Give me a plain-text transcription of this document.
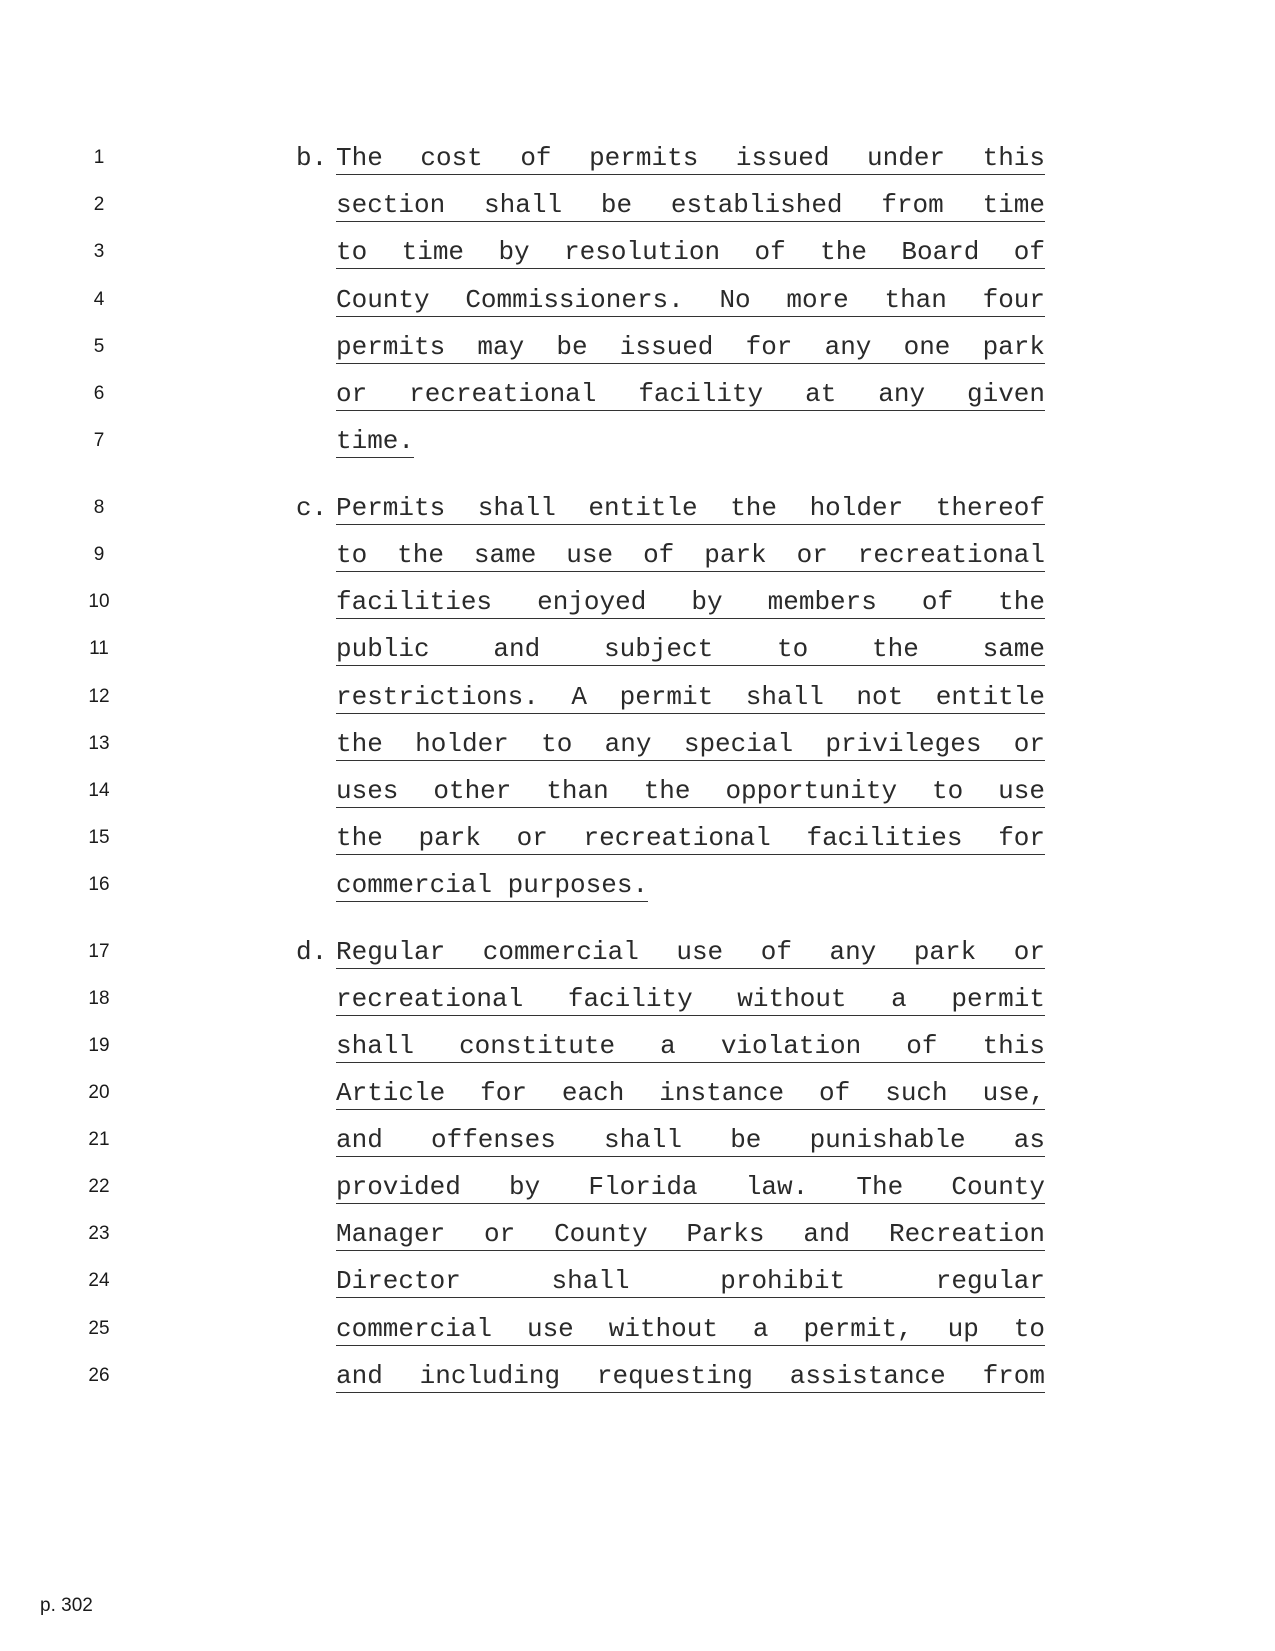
1
2
3
4
5
6
7
8
9
10
11
12
13
14
15
16
17
18
19
20
21
22
23
24
25
26
b. The cost of permits issued under this
section shall be established from time
to time by resolution of the Board of
County Commissioners. No more than four
permits may be issued for any one park
or recreational facility at any given
time.
c. Permits shall entitle the holder thereof
to the same use of park or recreational
facilities enjoyed by members of the
public and subject to the same
restrictions. A permit shall not entitle
the holder to any special privileges or
uses other than the opportunity to use
the park or recreational facilities for
commercial purposes.
d. Regular commercial use of any park or
recreational facility without a permit
shall constitute a violation of this
Article for each instance of such use,
and offenses shall be punishable as
provided by Florida law. The County
Manager or County Parks and Recreation
Director shall prohibit regular
commercial use without a permit, up to
and including requesting assistance from
p. 302
